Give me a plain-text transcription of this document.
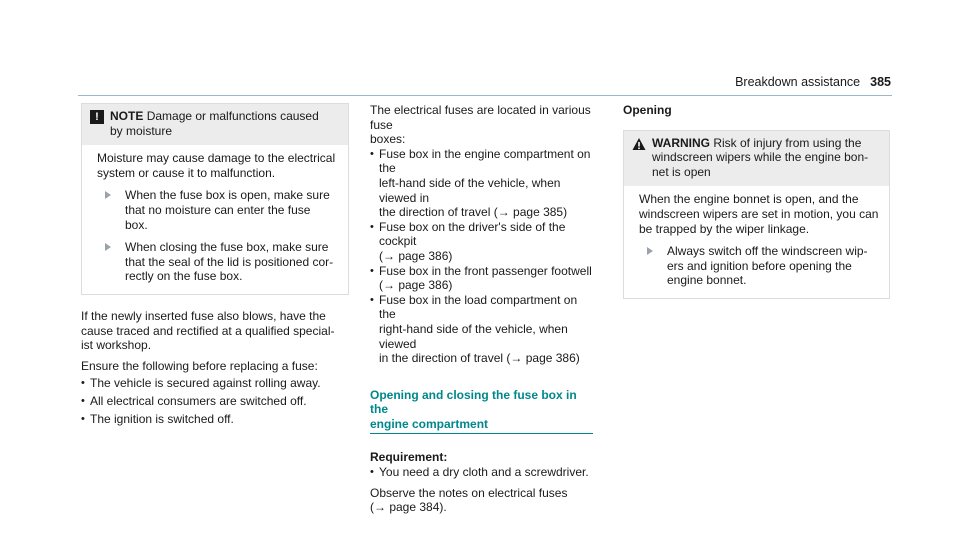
Breakdown assistance 385
! NOTE Damage or malfunctions caused
by moisture

Moisture may cause damage to the electrical

system or cause it to malfunction.

When the fuse box is open, make sure
that no moisture can enter the fuse
box.
When closing the fuse box, make sure
that the seal of the lid is positioned cor-
rectly on the fuse box.
If the newly inserted fuse also blows, have the
cause traced and rectified at a qualified special-
ist workshop.
Ensure the following before replacing a fuse:
• The vehicle is secured against rolling away.
• All electrical consumers are switched off.
• The ignition is switched off.
The electrical fuses are located in various fuse
boxes:
• Fuse box in the engine compartment on the
left-hand side of the vehicle, when viewed in
the direction of travel (→ page 385)
• Fuse box on the driver's side of the cockpit
(→ page 386)
• Fuse box in the front passenger footwell
(→ page 386)
• Fuse box in the load compartment on the
right-hand side of the vehicle, when viewed
in the direction of travel (→ page 386)
Opening and closing the fuse box in the
engine compartment
Requirement:
• You need a dry cloth and a screwdriver.
Observe the notes on electrical fuses
(→ page 384).
Opening
WARNING Risk of injury from using the
windscreen wipers while the engine bon-
net is open

When the engine bonnet is open, and the

windscreen wipers are set in motion, you can

be trapped by the wiper linkage.

Always switch off the windscreen wip-
ers and ignition before opening the
engine bonnet.
